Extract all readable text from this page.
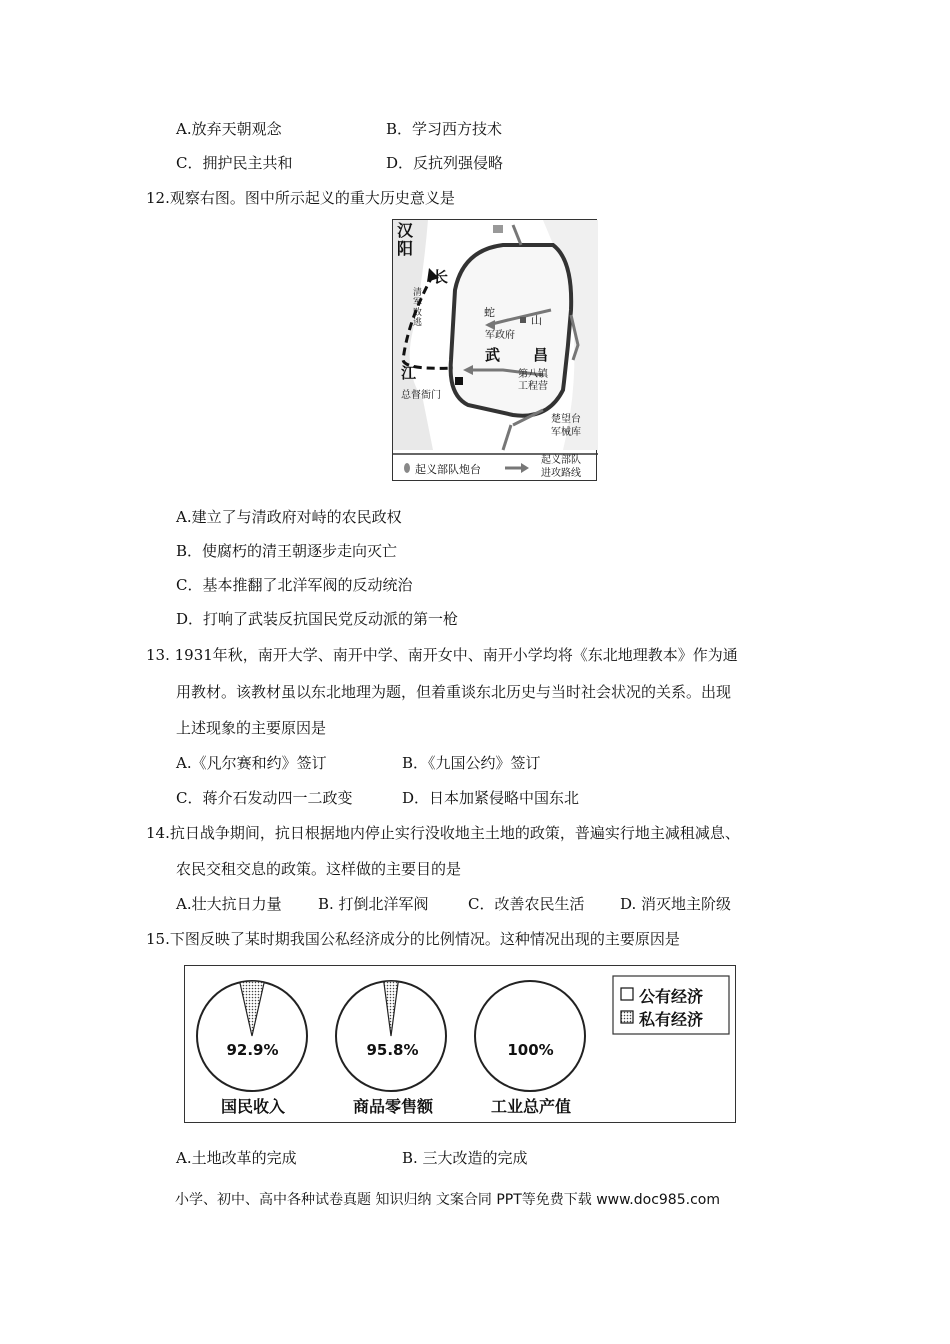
A.放弃天朝观念	B．学习西方技术
C．拥护民主共和	D．反抗列强侵略
12.观察右图。图中所示起义的重大历史意义是
汉阳
长
江
清军败逃
蛇
山
军政府
武 昌
第八镇
工程营
总督衙门
楚望台
军械库
起义部队炮台
起义部队
进攻路线
A.建立了与清政府对峙的农民政权
B．使腐朽的清王朝逐步走向灭亡
C．基本推翻了北洋军阀的反动统治
D．打响了武装反抗国民党反动派的第一枪
13. 1931年秋，南开大学、南开中学、南开女中、南开小学均将《东北地理教本》作为通
用教材。该教材虽以东北地理为题，但着重谈东北历史与当时社会状况的关系。出现
上述现象的主要原因是
A.《凡尔赛和约》签订	B．《九国公约》签订
C．蒋介石发动四一二政变	D．日本加紧侵略中国东北
14.抗日战争期间，抗日根据地内停止实行没收地主土地的政策，普遍实行地主减租减息、
农民交租交息的政策。这样做的主要目的是
A.壮大抗日力量 B. 打倒北洋军阀	C．改善农民生活 D. 消灭地主阶级
15.下图反映了某时期我国公私经济成分的比例情况。这种情况出现的主要原因是
公有经济
私有经济
92.9%	95.8%	100%
国民收入	商品零售额	工业总产值
A.土地改革的完成	B. 三大改造的完成
小学、初中、高中各种试卷真题 知识归纳 文案合同 PPT等免费下载 www.doc985.com
